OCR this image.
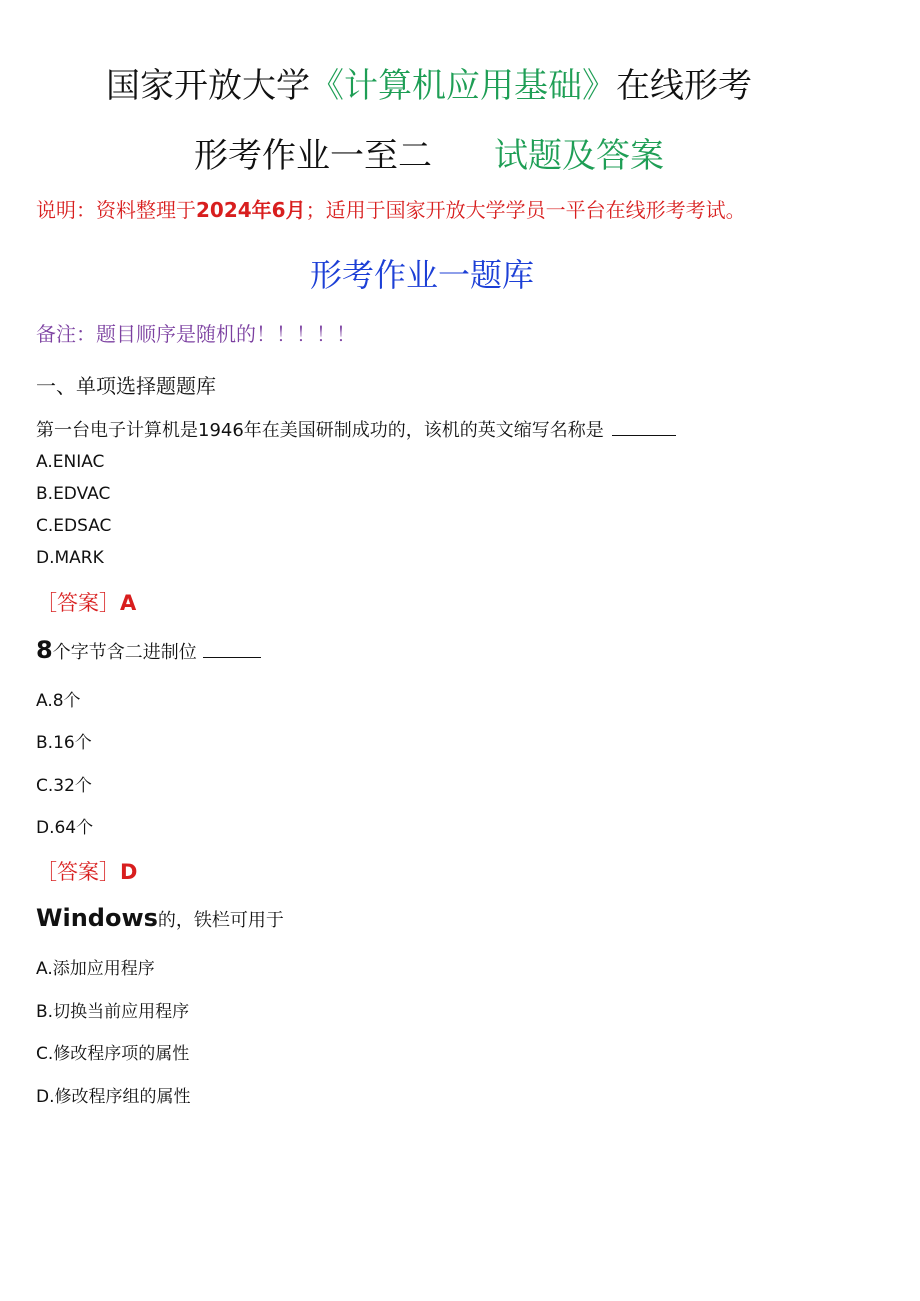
国家开放大学《计算机应用基础》在线形考
形考作业一至二 试题及答案
说明：资料整理于2024年6月；适用于国家开放大学学员一平台在线形考考试。
形考作业一题库
备注：题目顺序是随机的！！！！！
一、单项选择题题库
第一台电子计算机是1946年在美国研制成功的，该机的英文缩写名称是
A.ENIAC
B.EDVAC
C.EDSAC
D.MARK
［答案］A
8个字节含二进制位
A.8个
B.16个
C.32个
D.64个
［答案］D
Windows的，铁栏可用于
A.添加应用程序
B.切换当前应用程序
C.修改程序项的属性
D.修改程序组的属性
